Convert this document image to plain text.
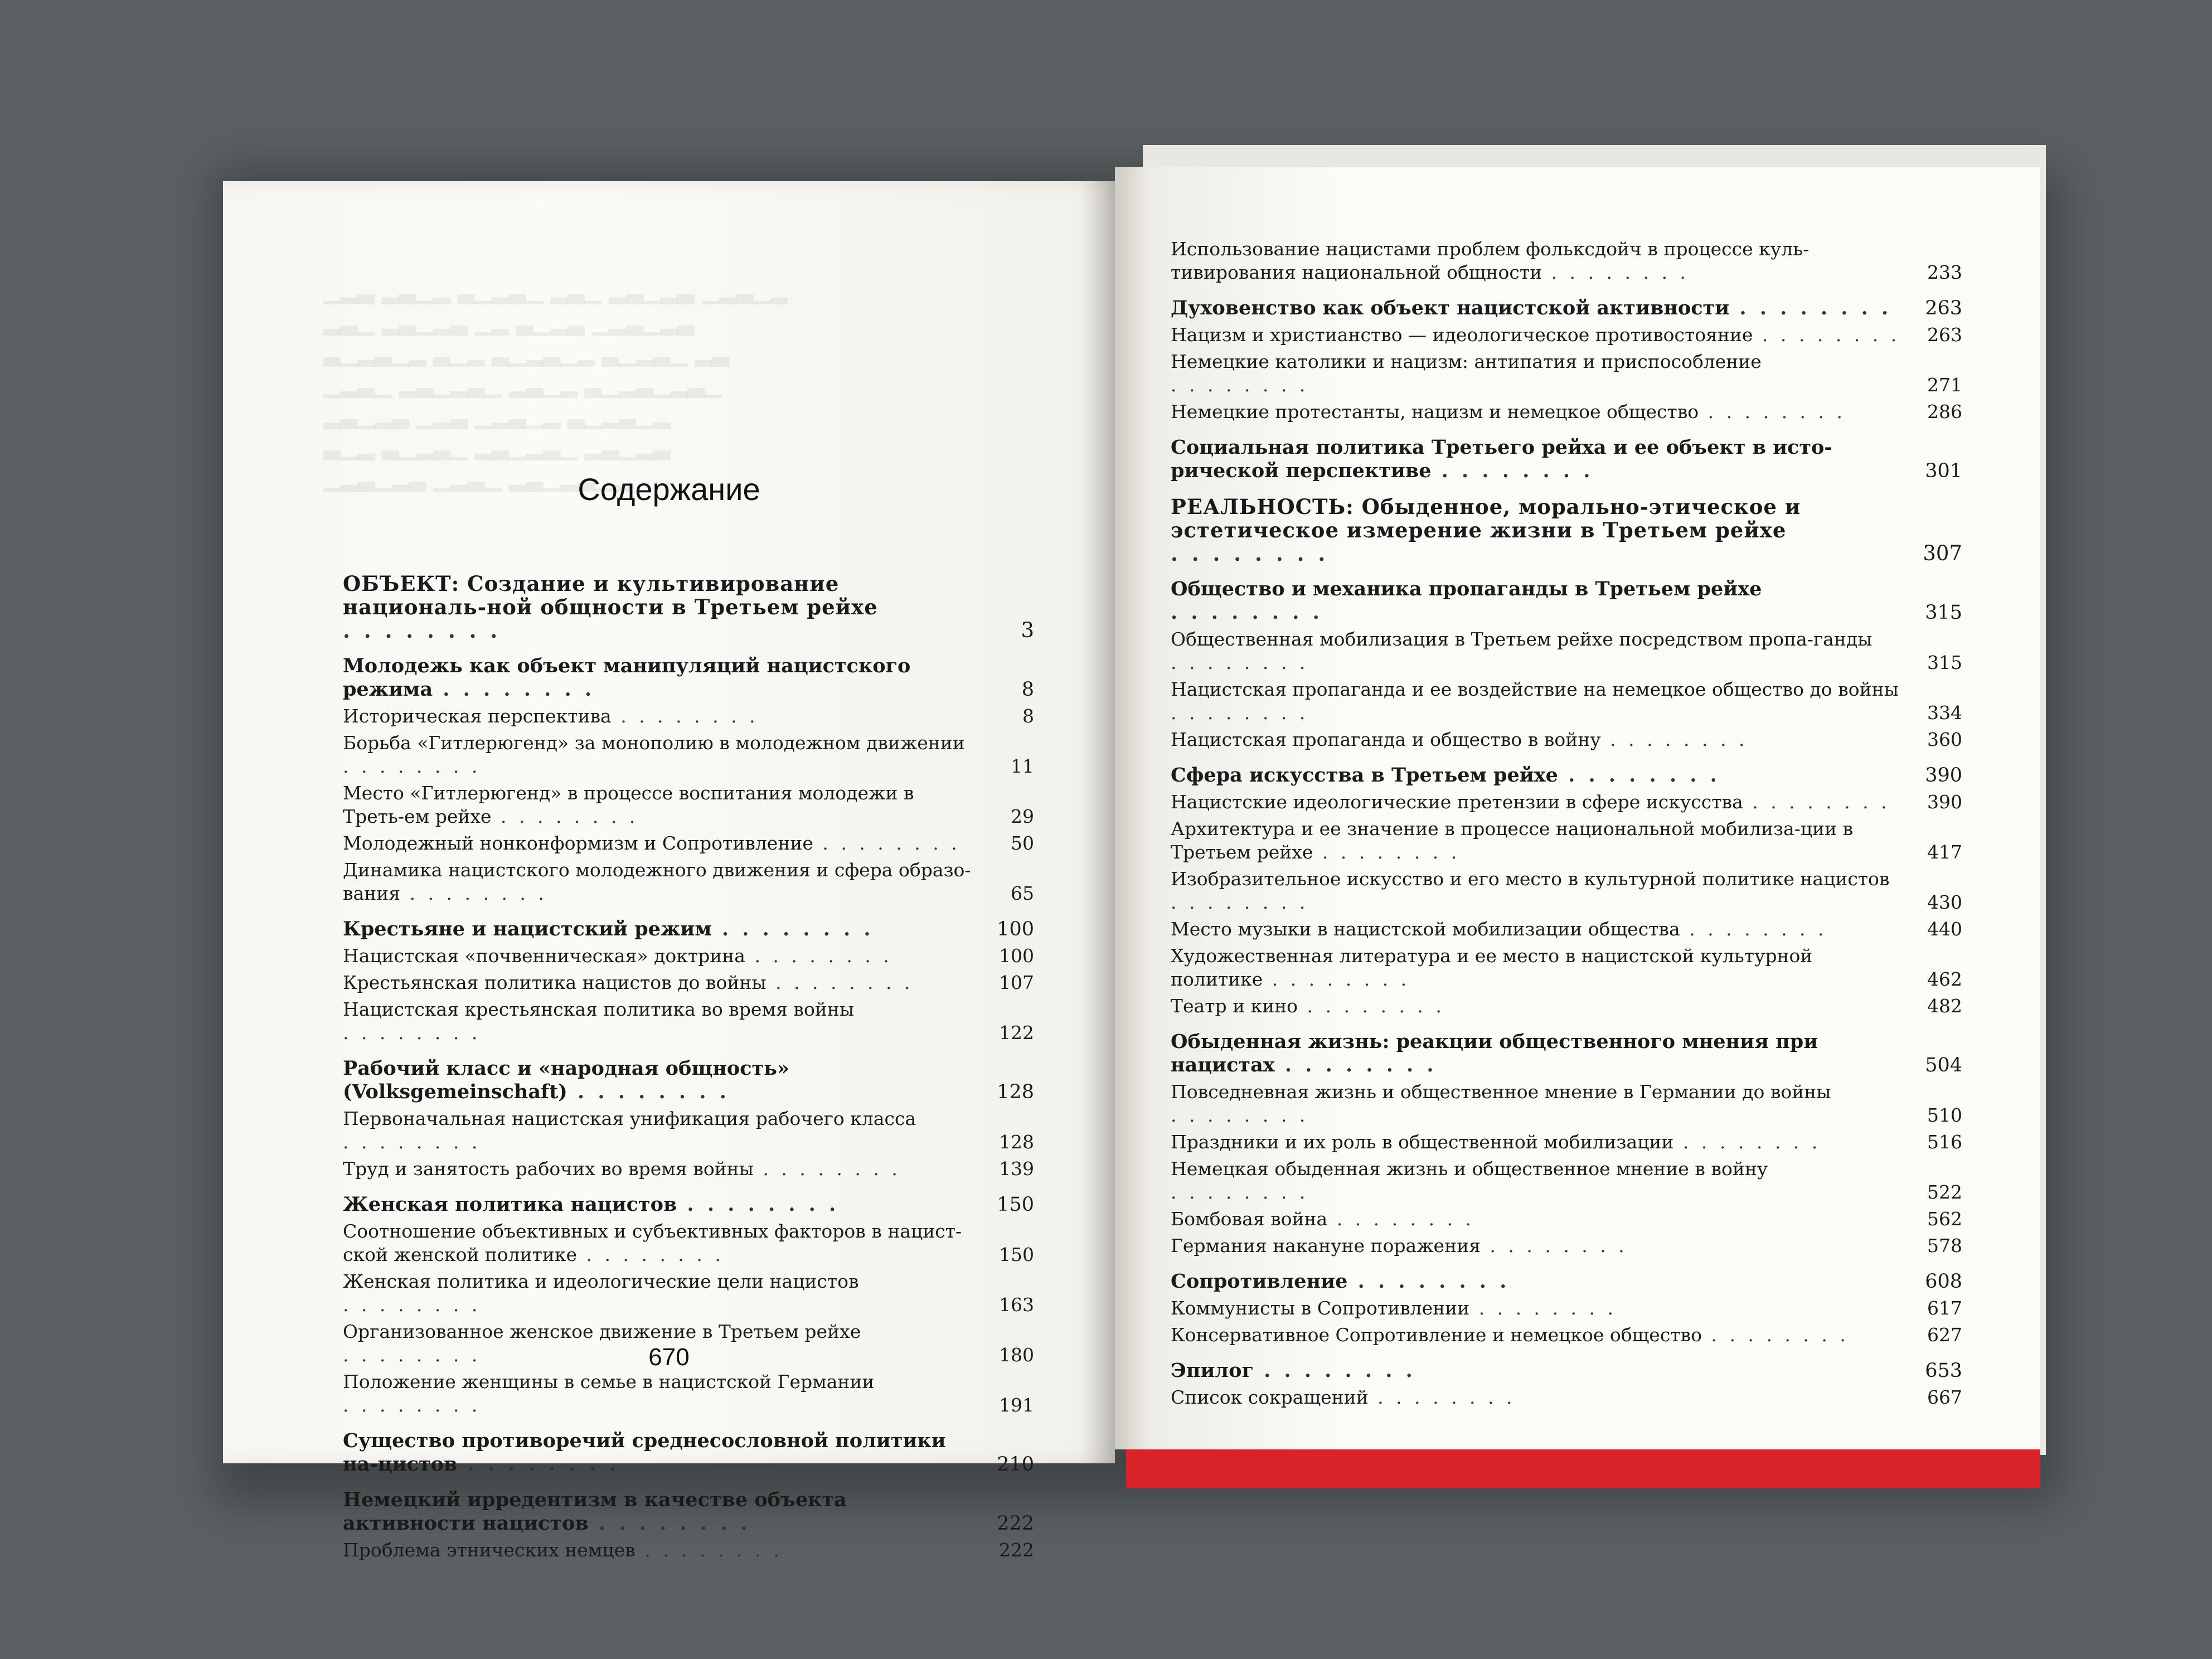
▁▂▃ ▂▃▁▂ ▃▁▂▃▁ ▂▃▁ ▂▃▁▂▃ ▁▂▃▁▂
▂▃▁ ▂▃▁▂▃ ▁▂ ▃▁▂▃ ▁▂▃▁▂▃
▃▁▂▃▁▂ ▃▁▂ ▃▁▂▃▁▂ ▃▁▂▃▁ ▂▃
▁▂▃▁ ▂▃▁▂▃▁ ▂▃▁▂ ▃▁▂▃▁▂▃▁
▂▃▁▂▃ ▁▂▃ ▁▂▃▁▂ ▃▁▂▃▁▂
▃▁▂ ▃▁▂▃▁ ▂▃▁▂▃▁ ▂▃▁▂▃
▁▂▃▁▂▃ ▁▂▃▁ ▂▃▁▂▃▁▂
Содержание
ОБЪЕКТ: Создание и культивирование националь-ной общности в Третьем рейхе . . . . . . . .	3
Молодежь как объект манипуляций нацистского режима . . . . . . . .	8
Историческая перспектива . . . . . . . .	8
Борьба «Гитлерюгенд» за монополию в молодежном движении . . . . . . . .	11
Место «Гитлерюгенд» в процессе воспитания молодежи в Треть-ем рейхе . . . . . . . .	29
Молодежный нонконформизм и Сопротивление . . . . . . . .	50
Динамика нацистского молодежного движения и сфера образо-вания . . . . . . . .	65
Крестьяне и нацистский режим . . . . . . . .	100
Нацистская «почвенническая» доктрина . . . . . . . .	100
Крестьянская политика нацистов до войны . . . . . . . .	107
Нацистская крестьянская политика во время войны . . . . . . . .	122
Рабочий класс и «народная общность» (Volksgemeinschaft) . . . . . . . .	128
Первоначальная нацистская унификация рабочего класса . . . . . . . .	128
Труд и занятость рабочих во время войны . . . . . . . .	139
Женская политика нацистов . . . . . . . .	150
Соотношение объективных и субъективных факторов в нацист-ской женской политике . . . . . . . .	150
Женская политика и идеологические цели нацистов . . . . . . . .	163
Организованное женское движение в Третьем рейхе . . . . . . . .	180
Положение женщины в семье в нацистской Германии . . . . . . . .	191
Существо противоречий среднесословной политики на-цистов . . . . . . . .	210
Немецкий ирредентизм в качестве объекта активности нацистов . . . . . . . .	222
Проблема этнических немцев . . . . . . . .	222
670
Использование нацистами проблем фольксдойч в процессе куль-тивирования национальной общности . . . . . . . .	233
Духовенство как объект нацистской активности . . . . . . . .	263
Нацизм и христианство — идеологическое противостояние . . . . . . . .	263
Немецкие католики и нацизм: антипатия и приспособление . . . . . . . .	271
Немецкие протестанты, нацизм и немецкое общество . . . . . . . .	286
Социальная политика Третьего рейха и ее объект в исто-рической перспективе . . . . . . . .	301
РЕАЛЬНОСТЬ: Обыденное, морально-этическое и эстетическое измерение жизни в Третьем рейхе . . . . . . . .	307
Общество и механика пропаганды в Третьем рейхе . . . . . . . .	315
Общественная мобилизация в Третьем рейхе посредством пропа-ганды . . . . . . . .	315
Нацистская пропаганда и ее воздействие на немецкое общество до войны . . . . . . . .	334
Нацистская пропаганда и общество в войну . . . . . . . .	360
Сфера искусства в Третьем рейхе . . . . . . . .	390
Нацистские идеологические претензии в сфере искусства . . . . . . . .	390
Архитектура и ее значение в процессе национальной мобилиза-ции в Третьем рейхе . . . . . . . .	417
Изобразительное искусство и его место в культурной политике нацистов . . . . . . . .	430
Место музыки в нацистской мобилизации общества . . . . . . . .	440
Художественная литература и ее место в нацистской культурной политике . . . . . . . .	462
Театр и кино . . . . . . . .	482
Обыденная жизнь: реакции общественного мнения при нацистах . . . . . . . .	504
Повседневная жизнь и общественное мнение в Германии до войны . . . . . . . .	510
Праздники и их роль в общественной мобилизации . . . . . . . .	516
Немецкая обыденная жизнь и общественное мнение в войну . . . . . . . .	522
Бомбовая война . . . . . . . .	562
Германия накануне поражения . . . . . . . .	578
Сопротивление . . . . . . . .	608
Коммунисты в Сопротивлении . . . . . . . .	617
Консервативное Сопротивление и немецкое общество . . . . . . . .	627
Эпилог . . . . . . . .	653
Список сокращений . . . . . . . .	667
